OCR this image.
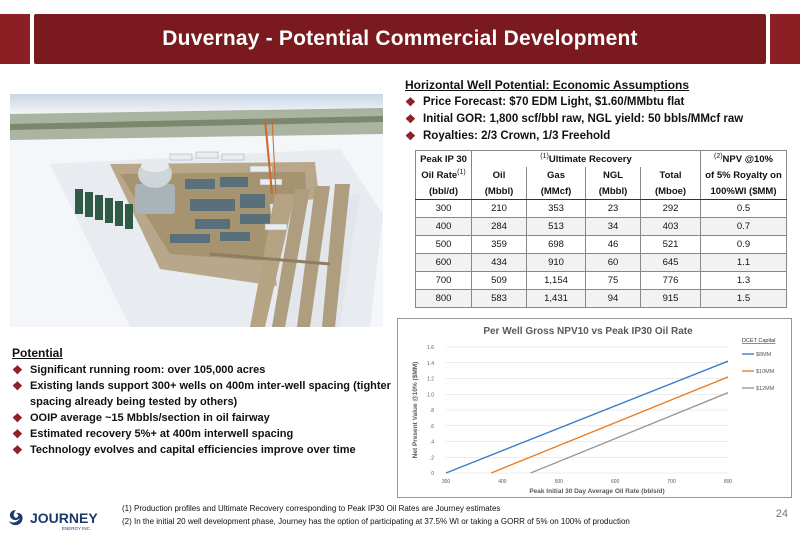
Duvernay - Potential Commercial Development
Horizontal Well Potential: Economic Assumptions
❖ Price Forecast: $70 EDM Light, $1.60/MMbtu flat
❖ Initial GOR: 1,800 scf/bbl raw, NGL yield: 50 bbls/MMcf raw
❖ Royalties: 2/3 Crown, 1/3 Freehold
Peak IP 30	$^{(1)}$Ultimate Recovery				$^{(2)}$NPV @10%
Oil Rate$^{(1)}$	Oil	Gas	NGL	Total	of 5% Royalty on
(bbl/d)	(Mbbl)	(MMcf)	(Mbbl)	(Mboe)	100%WI ($MM)
300	210	353	23	292	0.5
400	284	513	34	403	0.7
500	359	698	46	521	0.9
600	434	910	60	645	1.1
700	509	1,154	75	776	1.3
800	583	1,431	94	915	1.5
Potential
❖ Significant running room: over 105,000 acres
❖ Existing lands support 300+ wells on 400m inter-well spacing (tighter spacing already being tested by others)
❖ OOIP average ~15 Mbbls/section in oil fairway
❖ Estimated recovery 5%+ at 400m interwell spacing
❖ Technology evolves and capital efficiencies improve over time
Per Well Gross NPV10 vs Peak IP30 Oil Rate
0
.2
.4
.6
.8
1.0
1.2
1.4
1.6
300	400	500	600	700	800
Peak Initial 30 Day Average Oil Rate (bbls/d)
Net Present Value @10% ($MM)
DCET Capital
$8MM
$10MM
$12MM
JOURNEY
ENERGY INC.
(1) Production profiles and Ultimate Recovery corresponding to Peak IP30 Oil Rates are Journey estimates
(2) In the initial 20 well development phase, Journey has the option of participating at 37.5% WI or taking a GORR of 5% on 100% of production
24
